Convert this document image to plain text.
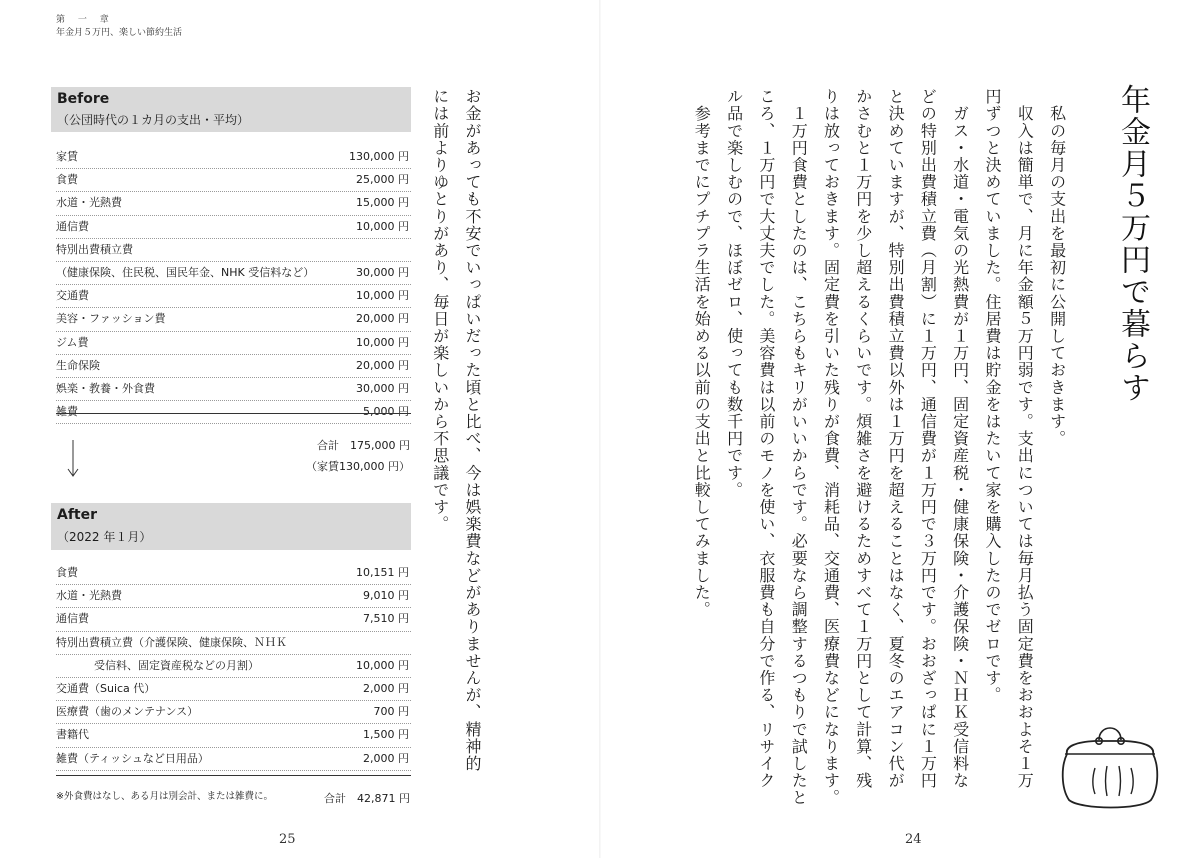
第 一 章
年金月５万円、楽しい節約生活
Before
（公団時代の１カ月の支出・平均）
家賃	130,000 円
食費	25,000 円
水道・光熱費	15,000 円
通信費	10,000 円
特別出費積立費
（健康保険、住民税、国民年金、NHK 受信料など）	30,000 円
交通費	10,000 円
美容・ファッション費	20,000 円
ジム費	10,000 円
生命保険	20,000 円
娯楽・教養・外食費	30,000 円
雑費	5,000 円
合計　175,000 円
（家賃130,000 円）
After
（2022 年１月）
食費	10,151 円
水道・光熱費	9,010 円
通信費	7,510 円
特別出費積立費（介護保険、健康保険、ＮＨＫ
受信料、固定資産税などの月割）	10,000 円
交通費（Suica 代）	2,000 円
医療費（歯のメンテナンス）	700 円
書籍代	1,500 円
雑費（ティッシュなど日用品）	2,000 円
※外食費はなし、ある月は別会計、または雑費に。	合計　42,871 円
お金があっても不安でいっぱいだった頃と比べ、今は娯楽費などがありませんが、精神的
には前よりゆとりがあり、毎日が楽しいから不思議です。
25
年金月５万円で暮らす
　私の毎月の支出を最初に公開しておきます。
　収入は簡単で、月に年金額５万円弱です。支出については毎月払う固定費をおおよそ１万
円ずつと決めていました。住居費は貯金をはたいて家を購入したのでゼロです。
　ガス・水道・電気の光熱費が１万円、固定資産税・健康保険・介護保険・ＮＨＫ受信料な
どの特別出費積立費（月割）に１万円、通信費が１万円で３万円です。おおざっぱに１万円
と決めていますが、特別出費積立費以外は１万円を超えることはなく、夏冬のエアコン代が
かさむと１万円を少し超えるくらいです。煩雑さを避けるためすべて１万円として計算、残
りは放っておきます。固定費を引いた残りが食費、消耗品、交通費、医療費などになります。
　１万円食費としたのは、こちらもキリがいいからです。必要なら調整するつもりで試したと
ころ、１万円で大丈夫でした。美容費は以前のモノを使い、衣服費も自分で作る、リサイク
ル品で楽しむので、ほぼゼロ、使っても数千円です。
　参考までにプチプラ生活を始める以前の支出と比較してみました。
24
